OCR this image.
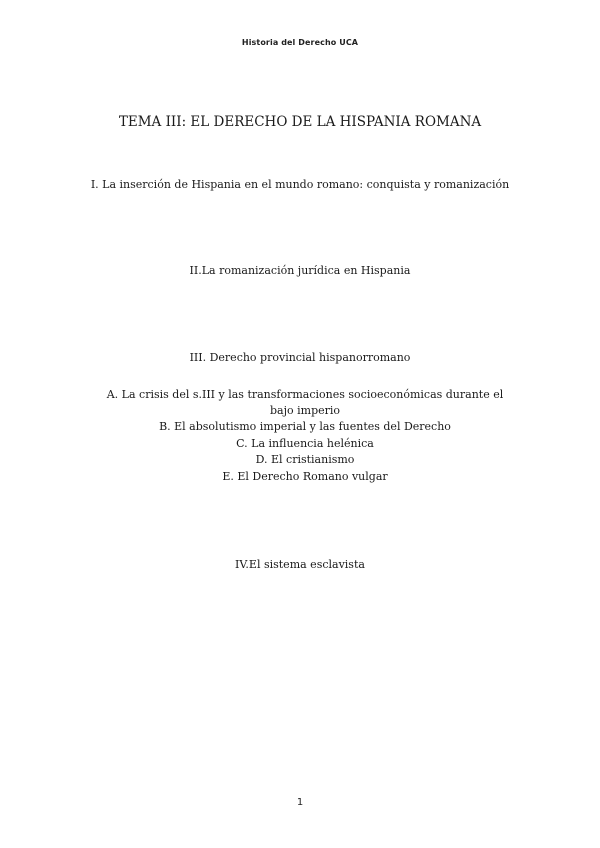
Historia del Derecho UCA
TEMA III: EL DERECHO DE LA HISPANIA ROMANA
I. La inserción de Hispania en el mundo romano: conquista y romanización
II.La romanización jurídica en Hispania
III. Derecho provincial hispanorromano
A. La crisis del s.III y las transformaciones socioeconómicas durante el bajo imperio
B. El absolutismo imperial y las fuentes del Derecho
C. La influencia helénica
D. El cristianismo
E. El Derecho Romano vulgar
IV.El sistema esclavista
1
